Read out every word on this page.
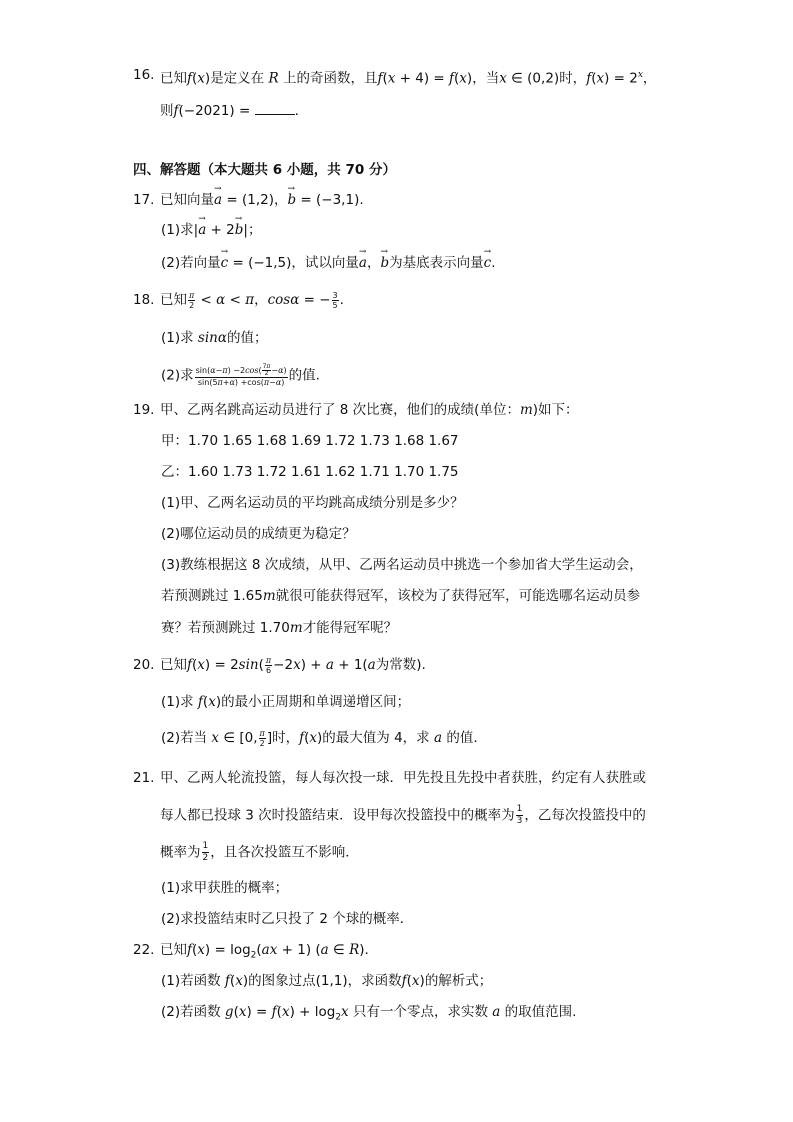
16. 已知f(x)是定义在 R 上的奇函数，且f(x + 4) = f(x)，当x ∈ (0,2)时，$f(x) = 2^x$，
则f(−2021) =	.
四、解答题（本大题共 6 小题，共 70 分）
17. 已知向量→ a = (1,2)，→ b = (−3,1).
(1)求|→ a + 2→ b|；
(2)若向量→ c = (−1,5)，试以向量→ a，→ b为基底表示向量→ c.
18. 已知 $\frac{\pi}{2} < \alpha < \pi$，cosα = − $\frac{3}{5}$ .
(1)求 sinα的值；
(2)求 $\frac{\sin(\alpha-\pi) -2\cos( \frac{7\pi}{2} -\alpha)}{\sin(5\pi+\alpha) +\cos(\pi-\alpha)}$ 的值.
19. 甲、乙两名跳高运动员进行了 8 次比赛，他们的成绩(单位：m)如下：
甲：1.70 1.65 1.68 1.69 1.72 1.73 1.68 1.67
乙：1.60 1.73 1.72 1.61 1.62 1.71 1.70 1.75
(1)甲、乙两名运动员的平均跳高成绩分别是多少？
(2)哪位运动员的成绩更为稳定？
(3)教练根据这 8 次成绩，从甲、乙两名运动员中挑选一个参加省大学生运动会，
若预测跳过 1.65m就很可能获得冠军，该校为了获得冠军，可能选哪名运动员参
赛？若预测跳过 1.70m才能得冠军呢？
20. 已知$f(x) = 2\sin( \frac{\pi}{6} -2x) + a + 1(a$为常数).
(1)求 f(x)的最小正周期和单调递增区间；
(2)若当 x ∈ [0, $\frac{\pi}{2}$ ]时，f(x)的最大值为 4，求 a 的值.
21. 甲、乙两人轮流投篮，每人每次投一球．甲先投且先投中者获胜，约定有人获胜或
每人都已投球 3 次时投篮结束．设甲每次投篮投中的概率为 $\frac{1}{3}$ ，乙每次投篮投中的
概率为 $\frac{1}{2}$ ，且各次投篮互不影响．
(1)求甲获胜的概率；
(2)求投篮结束时乙只投了 2 个球的概率．
22. 已知$f(x) = \log_2(ax + 1)$ (a ∈ R).
(1)若函数 f(x)的图象过点(1,1)，求函数f(x)的解析式；
(2)若函数 $g(x) = f(x) + \log_2x$ 只有一个零点，求实数 a 的取值范围.
